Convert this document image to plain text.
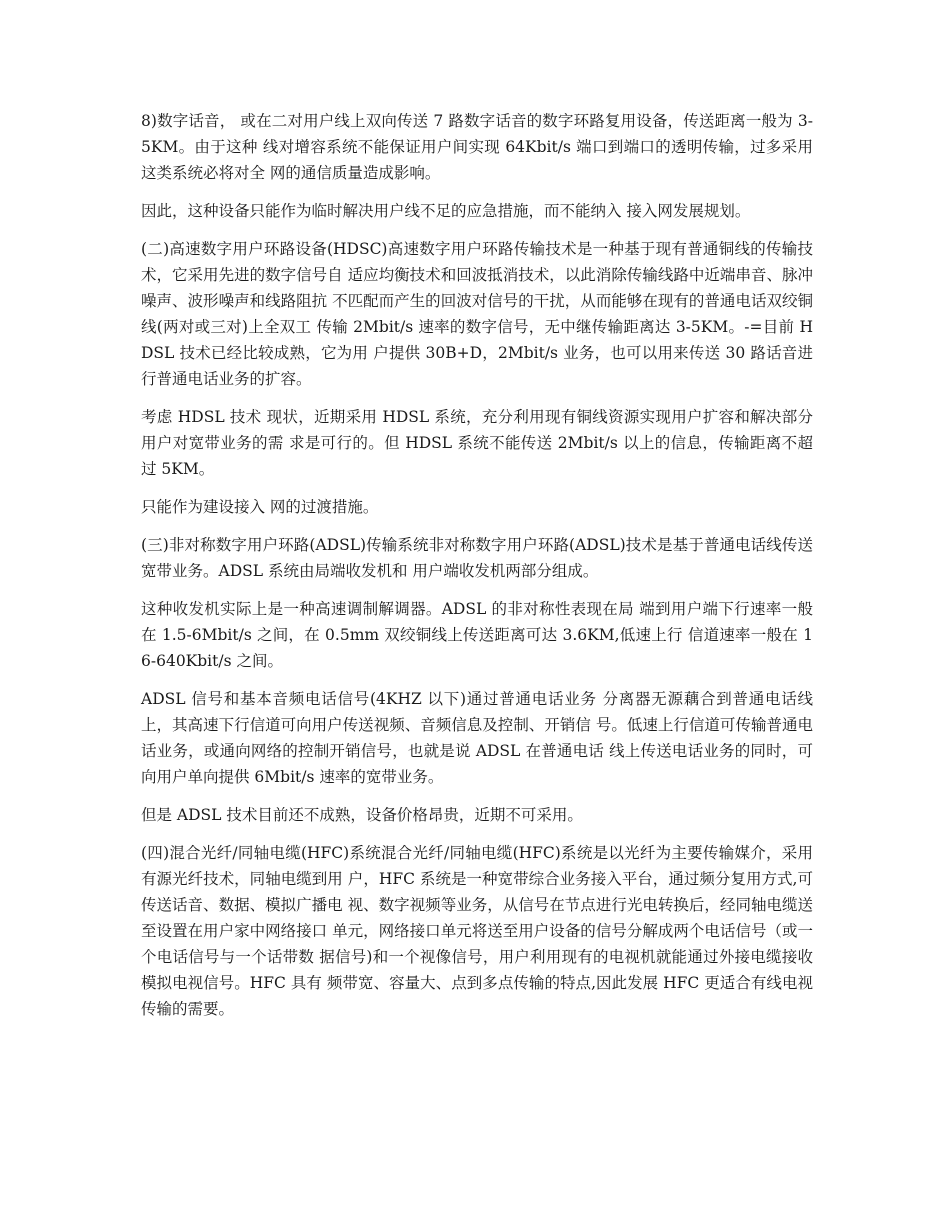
8)数字话音， 或在二对用户线上双向传送 7 路数字话音的数字环路复用设备，传送距离一般为 3-5KM。由于这种 线对增容系统不能保证用户间实现 64Kbit/s 端口到端口的透明传输，过多采用这类系统必将对全 网的通信质量造成影响。

因此，这种设备只能作为临时解决用户线不足的应急措施，而不能纳入 接入网发展规划。

(二)高速数字用户环路设备(HDSC)高速数字用户环路传输技术是一种基于现有普通铜线的传输技术，它采用先进的数字信号自 适应均衡技术和回波抵消技术，以此消除传输线路中近端串音、脉冲噪声、波形噪声和线路阻抗 不匹配而产生的回波对信号的干扰，从而能够在现有的普通电话双绞铜线(两对或三对)上全双工 传输 2Mbit/s 速率的数字信号，无中继传输距离达 3-5KM。-=目前 HDSL 技术已经比较成熟，它为用 户提供 30B+D，2Mbit/s 业务，也可以用来传送 30 路话音进行普通电话业务的扩容。

考虑 HDSL 技术 现状，近期采用 HDSL 系统，充分利用现有铜线资源实现用户扩容和解决部分用户对宽带业务的需 求是可行的。但 HDSL 系统不能传送 2Mbit/s 以上的信息，传输距离不超过 5KM。

只能作为建设接入 网的过渡措施。

(三)非对称数字用户环路(ADSL)传输系统非对称数字用户环路(ADSL)技术是基于普通电话线传送宽带业务。ADSL 系统由局端收发机和 用户端收发机两部分组成。

这种收发机实际上是一种高速调制解调器。ADSL 的非对称性表现在局 端到用户端下行速率一般在 1.5-6Mbit/s 之间，在 0.5mm 双绞铜线上传送距离可达 3.6KM,低速上行 信道速率一般在 16-640Kbit/s 之间。

ADSL 信号和基本音频电话信号(4KHZ 以下)通过普通电话业务 分离器无源藕合到普通电话线上，其高速下行信道可向用户传送视频、音频信息及控制、开销信 号。低速上行信道可传输普通电话业务，或通向网络的控制开销信号，也就是说 ADSL 在普通电话 线上传送电话业务的同时，可向用户单向提供 6Mbit/s 速率的宽带业务。

但是 ADSL 技术目前还不成熟，设备价格昂贵，近期不可采用。

(四)混合光纤/同轴电缆(HFC)系统混合光纤/同轴电缆(HFC)系统是以光纤为主要传输媒介，采用有源光纤技术，同轴电缆到用 户，HFC 系统是一种宽带综合业务接入平台，通过频分复用方式,可传送话音、数据、模拟广播电 视、数字视频等业务，从信号在节点进行光电转换后，经同轴电缆送至设置在用户家中网络接口 单元，网络接口单元将送至用户设备的信号分解成两个电话信号（或一个电话信号与一个话带数 据信号)和一个视像信号，用户利用现有的电视机就能通过外接电缆接收模拟电视信号。HFC 具有 频带宽、容量大、点到多点传输的特点,因此发展 HFC 更适合有线电视传输的需要。
